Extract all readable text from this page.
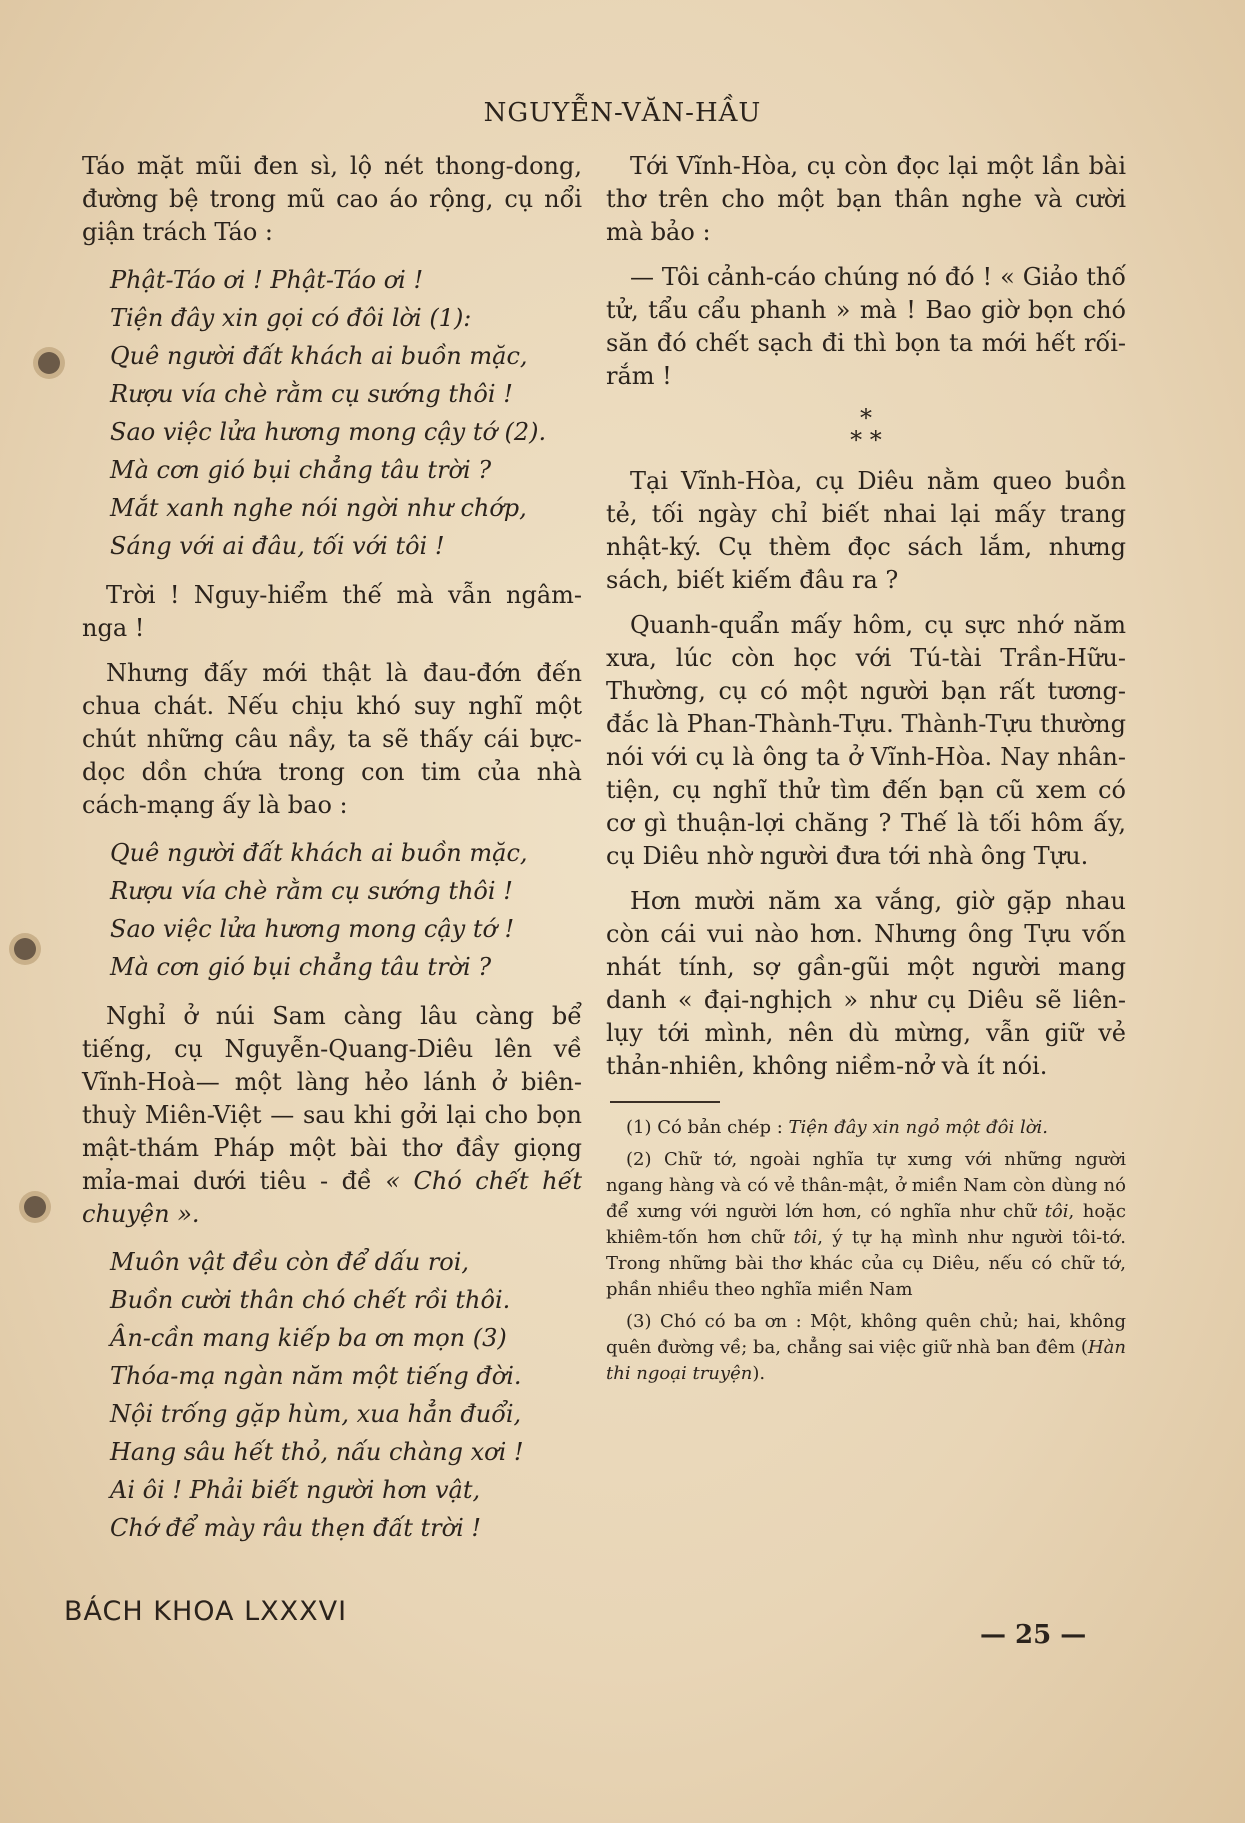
NGUYỄN-VĂN-HẦU

Táo mặt mũi đen sì, lộ nét thong-dong, đường bệ trong mũ cao áo rộng, cụ nổi giận trách Táo :

Phật-Táo ơi ! Phật-Táo ơi !
Tiện đây xin gọi có đôi lời (1):
Quê người đất khách ai buồn mặc,
Rượu vía chè rằm cụ sướng thôi !
Sao việc lửa hương mong cậy tớ (2).
Mà cơn gió bụi chẳng tâu trời ?
Mắt xanh nghe nói ngời như chớp,
Sáng với ai đâu, tối với tôi !

Trời ! Nguy-hiểm thế mà vẫn ngâm-nga !

Nhưng đấy mới thật là đau-đớn đến chua chát. Nếu chịu khó suy nghĩ một chút những câu nầy, ta sẽ thấy cái bực-dọc dồn chứa trong con tim của nhà cách-mạng ấy là bao :

Quê người đất khách ai buồn mặc,
Rượu vía chè rằm cụ sướng thôi !
Sao việc lửa hương mong cậy tớ !
Mà cơn gió bụi chẳng tâu trời ?

Nghỉ ở núi Sam càng lâu càng bể tiếng, cụ Nguyễn-Quang-Diêu lên về Vĩnh-Hoà— một làng hẻo lánh ở biên-thuỳ Miên-Việt — sau khi gởi lại cho bọn mật-thám Pháp một bài thơ đầy giọng mỉa-mai dưới tiêu - đề « Chó chết hết chuyện ».

Muôn vật đều còn để dấu roi,
Buồn cười thân chó chết rồi thôi.
Ân-cần mang kiếp ba ơn mọn (3)
Thóa-mạ ngàn năm một tiếng đời.
Nội trống gặp hùm, xua hẳn đuổi,
Hang sâu hết thỏ, nấu chàng xơi !
Ai ôi ! Phải biết người hơn vật,
Chớ để mày râu thẹn đất trời !

Tới Vĩnh-Hòa, cụ còn đọc lại một lần bài thơ trên cho một bạn thân nghe và cười mà bảo :

— Tôi cảnh-cáo chúng nó đó ! « Giảo thố tử, tẩu cẩu phanh » mà ! Bao giờ bọn chó săn đó chết sạch đi thì bọn ta mới hết rối-rắm !

*
* *

Tại Vĩnh-Hòa, cụ Diêu nằm queo buồn tẻ, tối ngày chỉ biết nhai lại mấy trang nhật-ký. Cụ thèm đọc sách lắm, nhưng sách, biết kiếm đâu ra ?

Quanh-quẩn mấy hôm, cụ sực nhớ năm xưa, lúc còn học với Tú-tài Trần-Hữu-Thường, cụ có một người bạn rất tương-đắc là Phan-Thành-Tựu. Thành-Tựu thường nói với cụ là ông ta ở Vĩnh-Hòa. Nay nhân-tiện, cụ nghĩ thử tìm đến bạn cũ xem có cơ gì thuận-lợi chăng ? Thế là tối hôm ấy, cụ Diêu nhờ người đưa tới nhà ông Tựu.

Hơn mười năm xa vắng, giờ gặp nhau còn cái vui nào hơn. Nhưng ông Tựu vốn nhát tính, sợ gần-gũi một người mang danh « đại-nghịch » như cụ Diêu sẽ liên-lụy tới mình, nên dù mừng, vẫn giữ vẻ thản-nhiên, không niềm-nở và ít nói.

(1) Có bản chép : Tiện đây xin ngỏ một đôi lời.

(2) Chữ tớ, ngoài nghĩa tự xưng với những người ngang hàng và có vẻ thân-mật, ở miền Nam còn dùng nó để xưng với người lớn hơn, có nghĩa như chữ tôi, hoặc khiêm-tốn hơn chữ tôi, ý tự hạ mình như người tôi-tớ. Trong những bài thơ khác của cụ Diêu, nếu có chữ tớ, phần nhiều theo nghĩa miền Nam

(3) Chó có ba ơn : Một, không quên chủ; hai, không quên đường về; ba, chẳng sai việc giữ nhà ban đêm (Hàn thi ngoại truyện).

BÁCH KHOA LXXXVI
— 25 —
